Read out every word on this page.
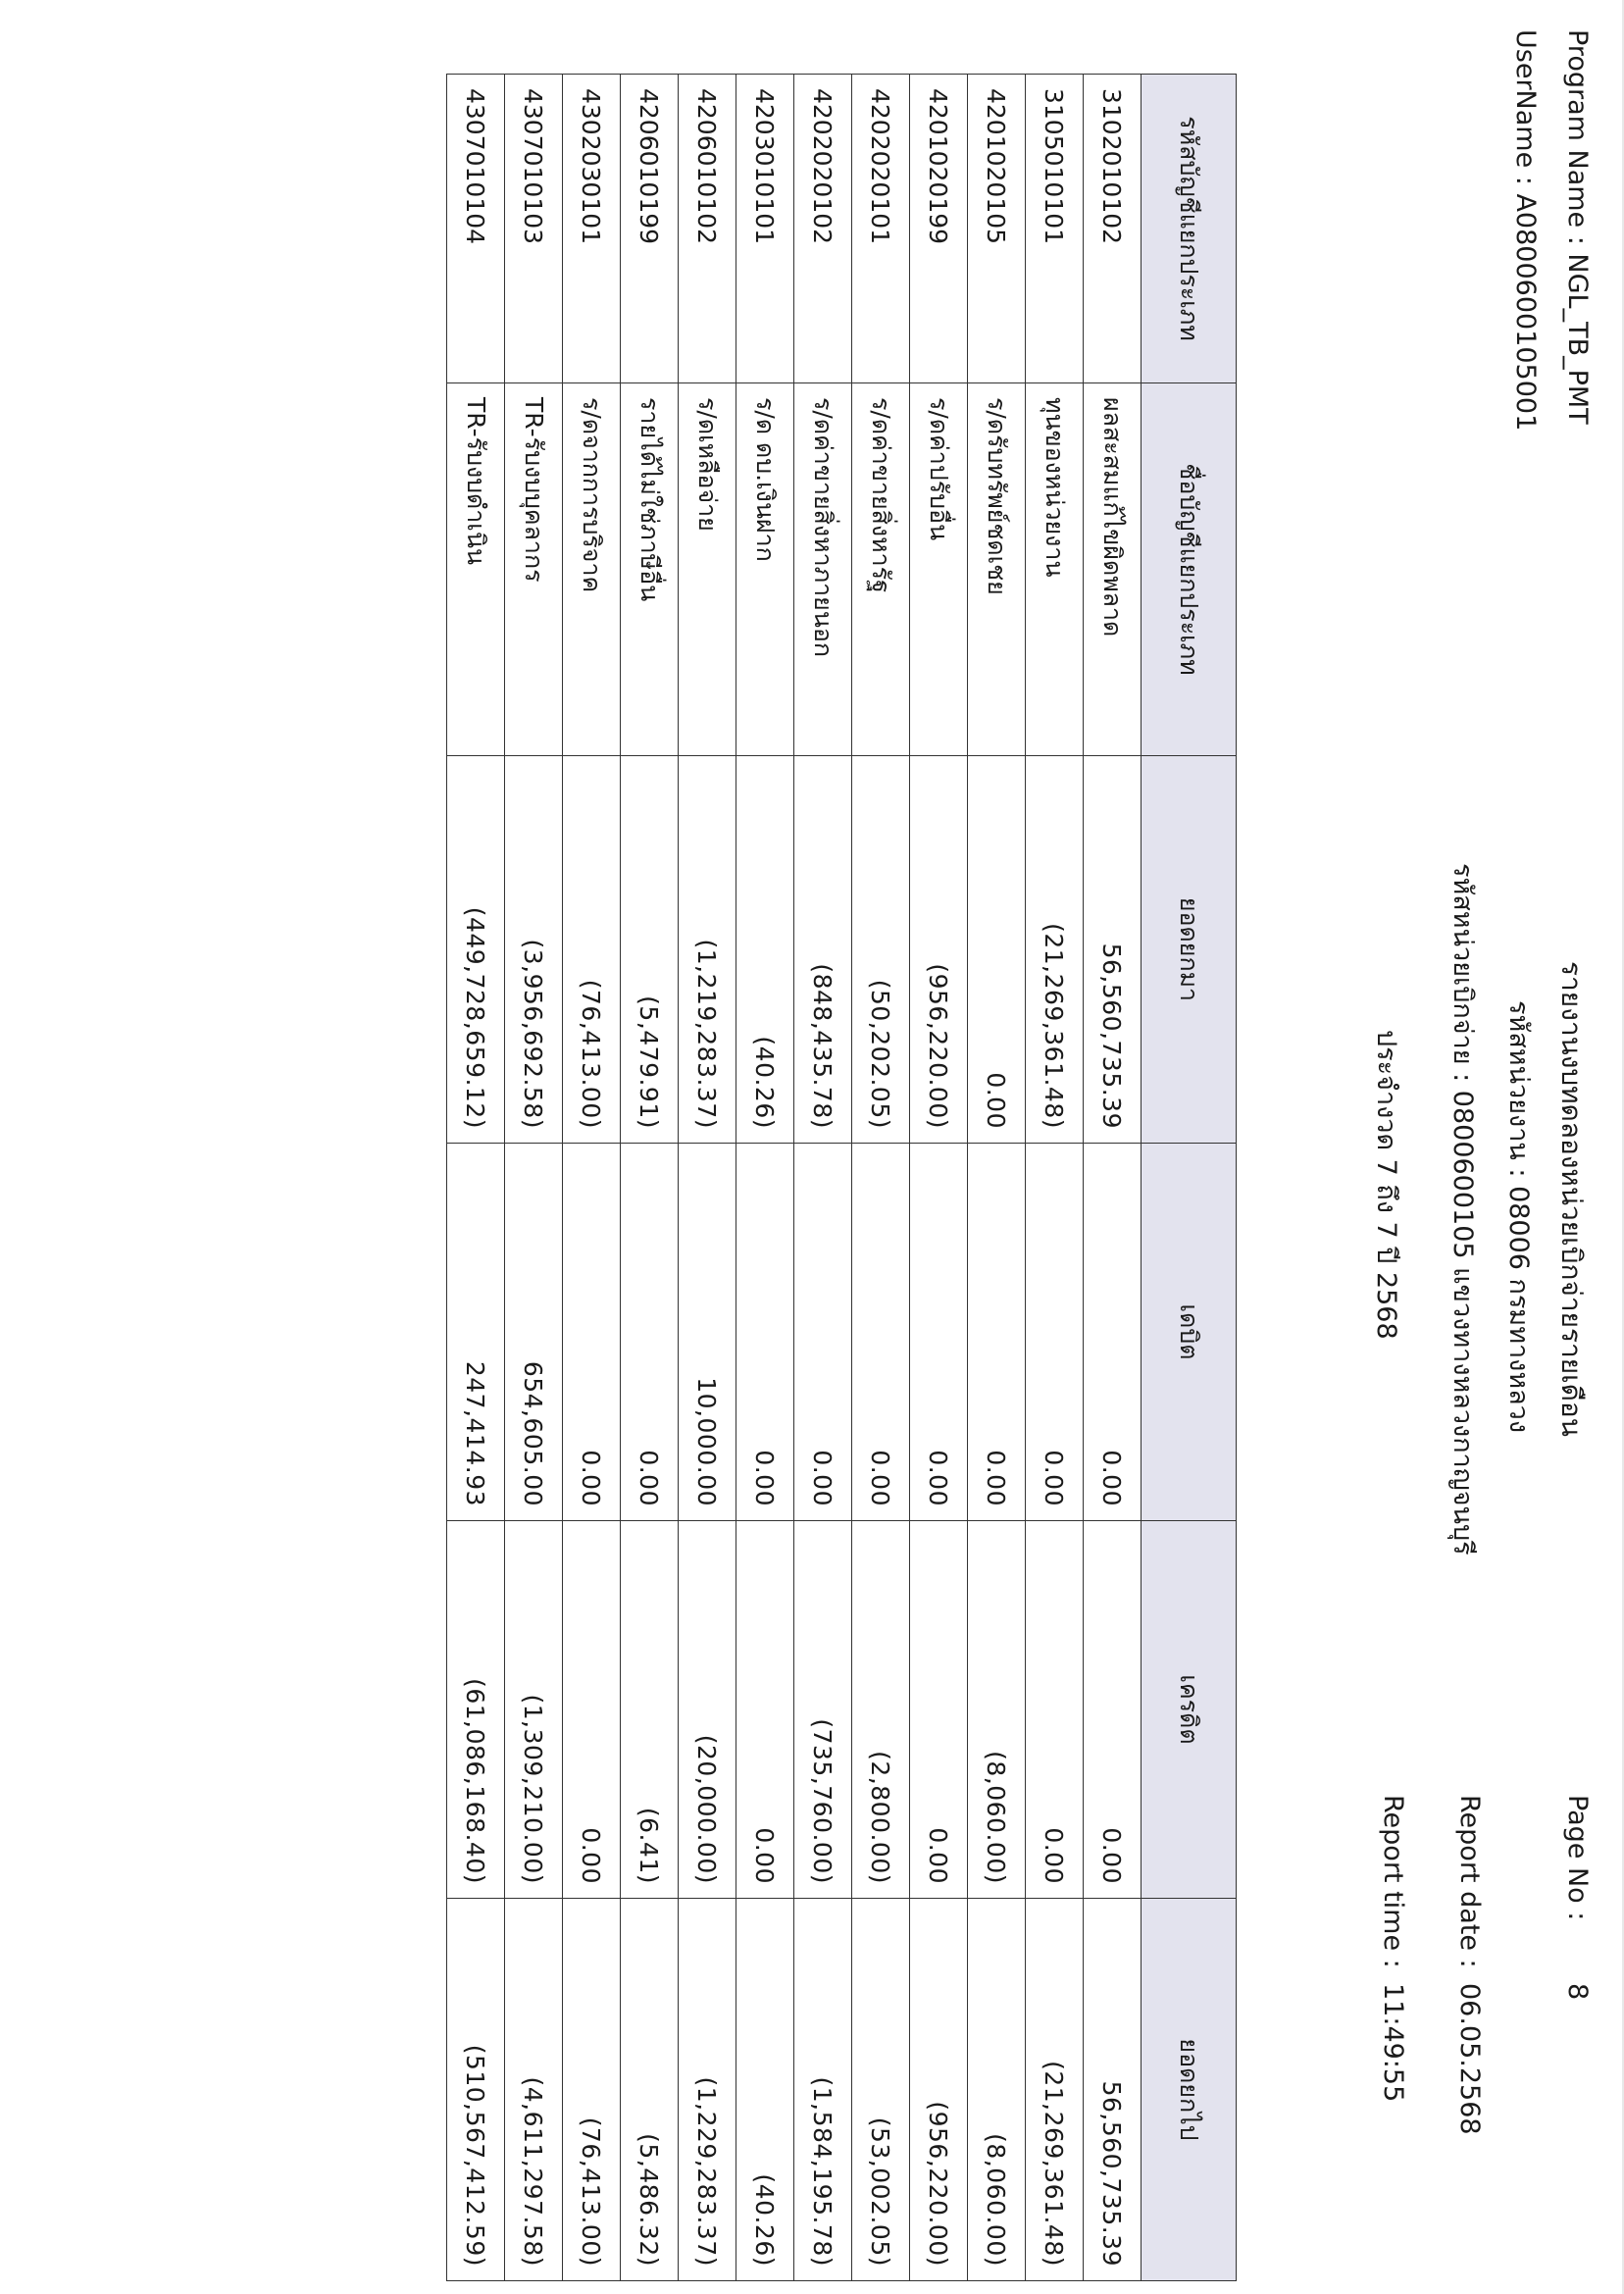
Program Name : NGL_TB_PMT
UserName : A0800600105001
รายงานงบทดลองหน่วยเบิกจ่ายรายเดือน
รหัสหน่วยงาน : 08006 กรมทางหลวง
รหัสหน่วยเบิกจ่าย : 0800600105 แขวงทางหลวงกาญจนบุรี
ประจำงวด 7 ถึง 7 ปี 2568
Page No :8
Report date :06.05.2568
Report time :11:49:55
รหัสบัญชีแยกประเภท	ชื่อบัญชีแยกประเภท	ยอดยกมา	เดบิต	เครดิต	ยอดยกไป
3102010102	ผลสะสมแก้ไขผิดพลาด	56,560,735.39	0.00	0.00	56,560,735.39
3105010101	ทุนของหน่วยงาน	(21,269,361.48)	0.00	0.00	(21,269,361.48)
4201020105	ร/ดรับทรัพย์ชดเชย	0.00	0.00	(8,060.00)	(8,060.00)
4201020199	ร/ดค่าปรับอื่น	(956,220.00)	0.00	0.00	(956,220.00)
4202020101	ร/ดค่าขายสิ่งหารัฐ	(50,202.05)	0.00	(2,800.00)	(53,002.05)
4202020102	ร/ดค่าขายสิ่งหาภายนอก	(848,435.78)	0.00	(735,760.00)	(1,584,195.78)
4203010101	ร/ด ดบ.เงินฝาก	(40.26)	0.00	0.00	(40.26)
4206010102	ร/ดเหลือจ่าย	(1,219,283.37)	10,000.00	(20,000.00)	(1,229,283.37)
4206010199	รายได้ไม่ใช่ภาษีอื่น	(5,479.91)	0.00	(6.41)	(5,486.32)
4302030101	ร/ดจากการบริจาค	(76,413.00)	0.00	0.00	(76,413.00)
4307010103	TR-รับงบบุคลากร	(3,956,692.58)	654,605.00	(1,309,210.00)	(4,611,297.58)
4307010104	TR-รับงบดำเนิน	(449,728,659.12)	247,414.93	(61,086,168.40)	(510,567,412.59)
